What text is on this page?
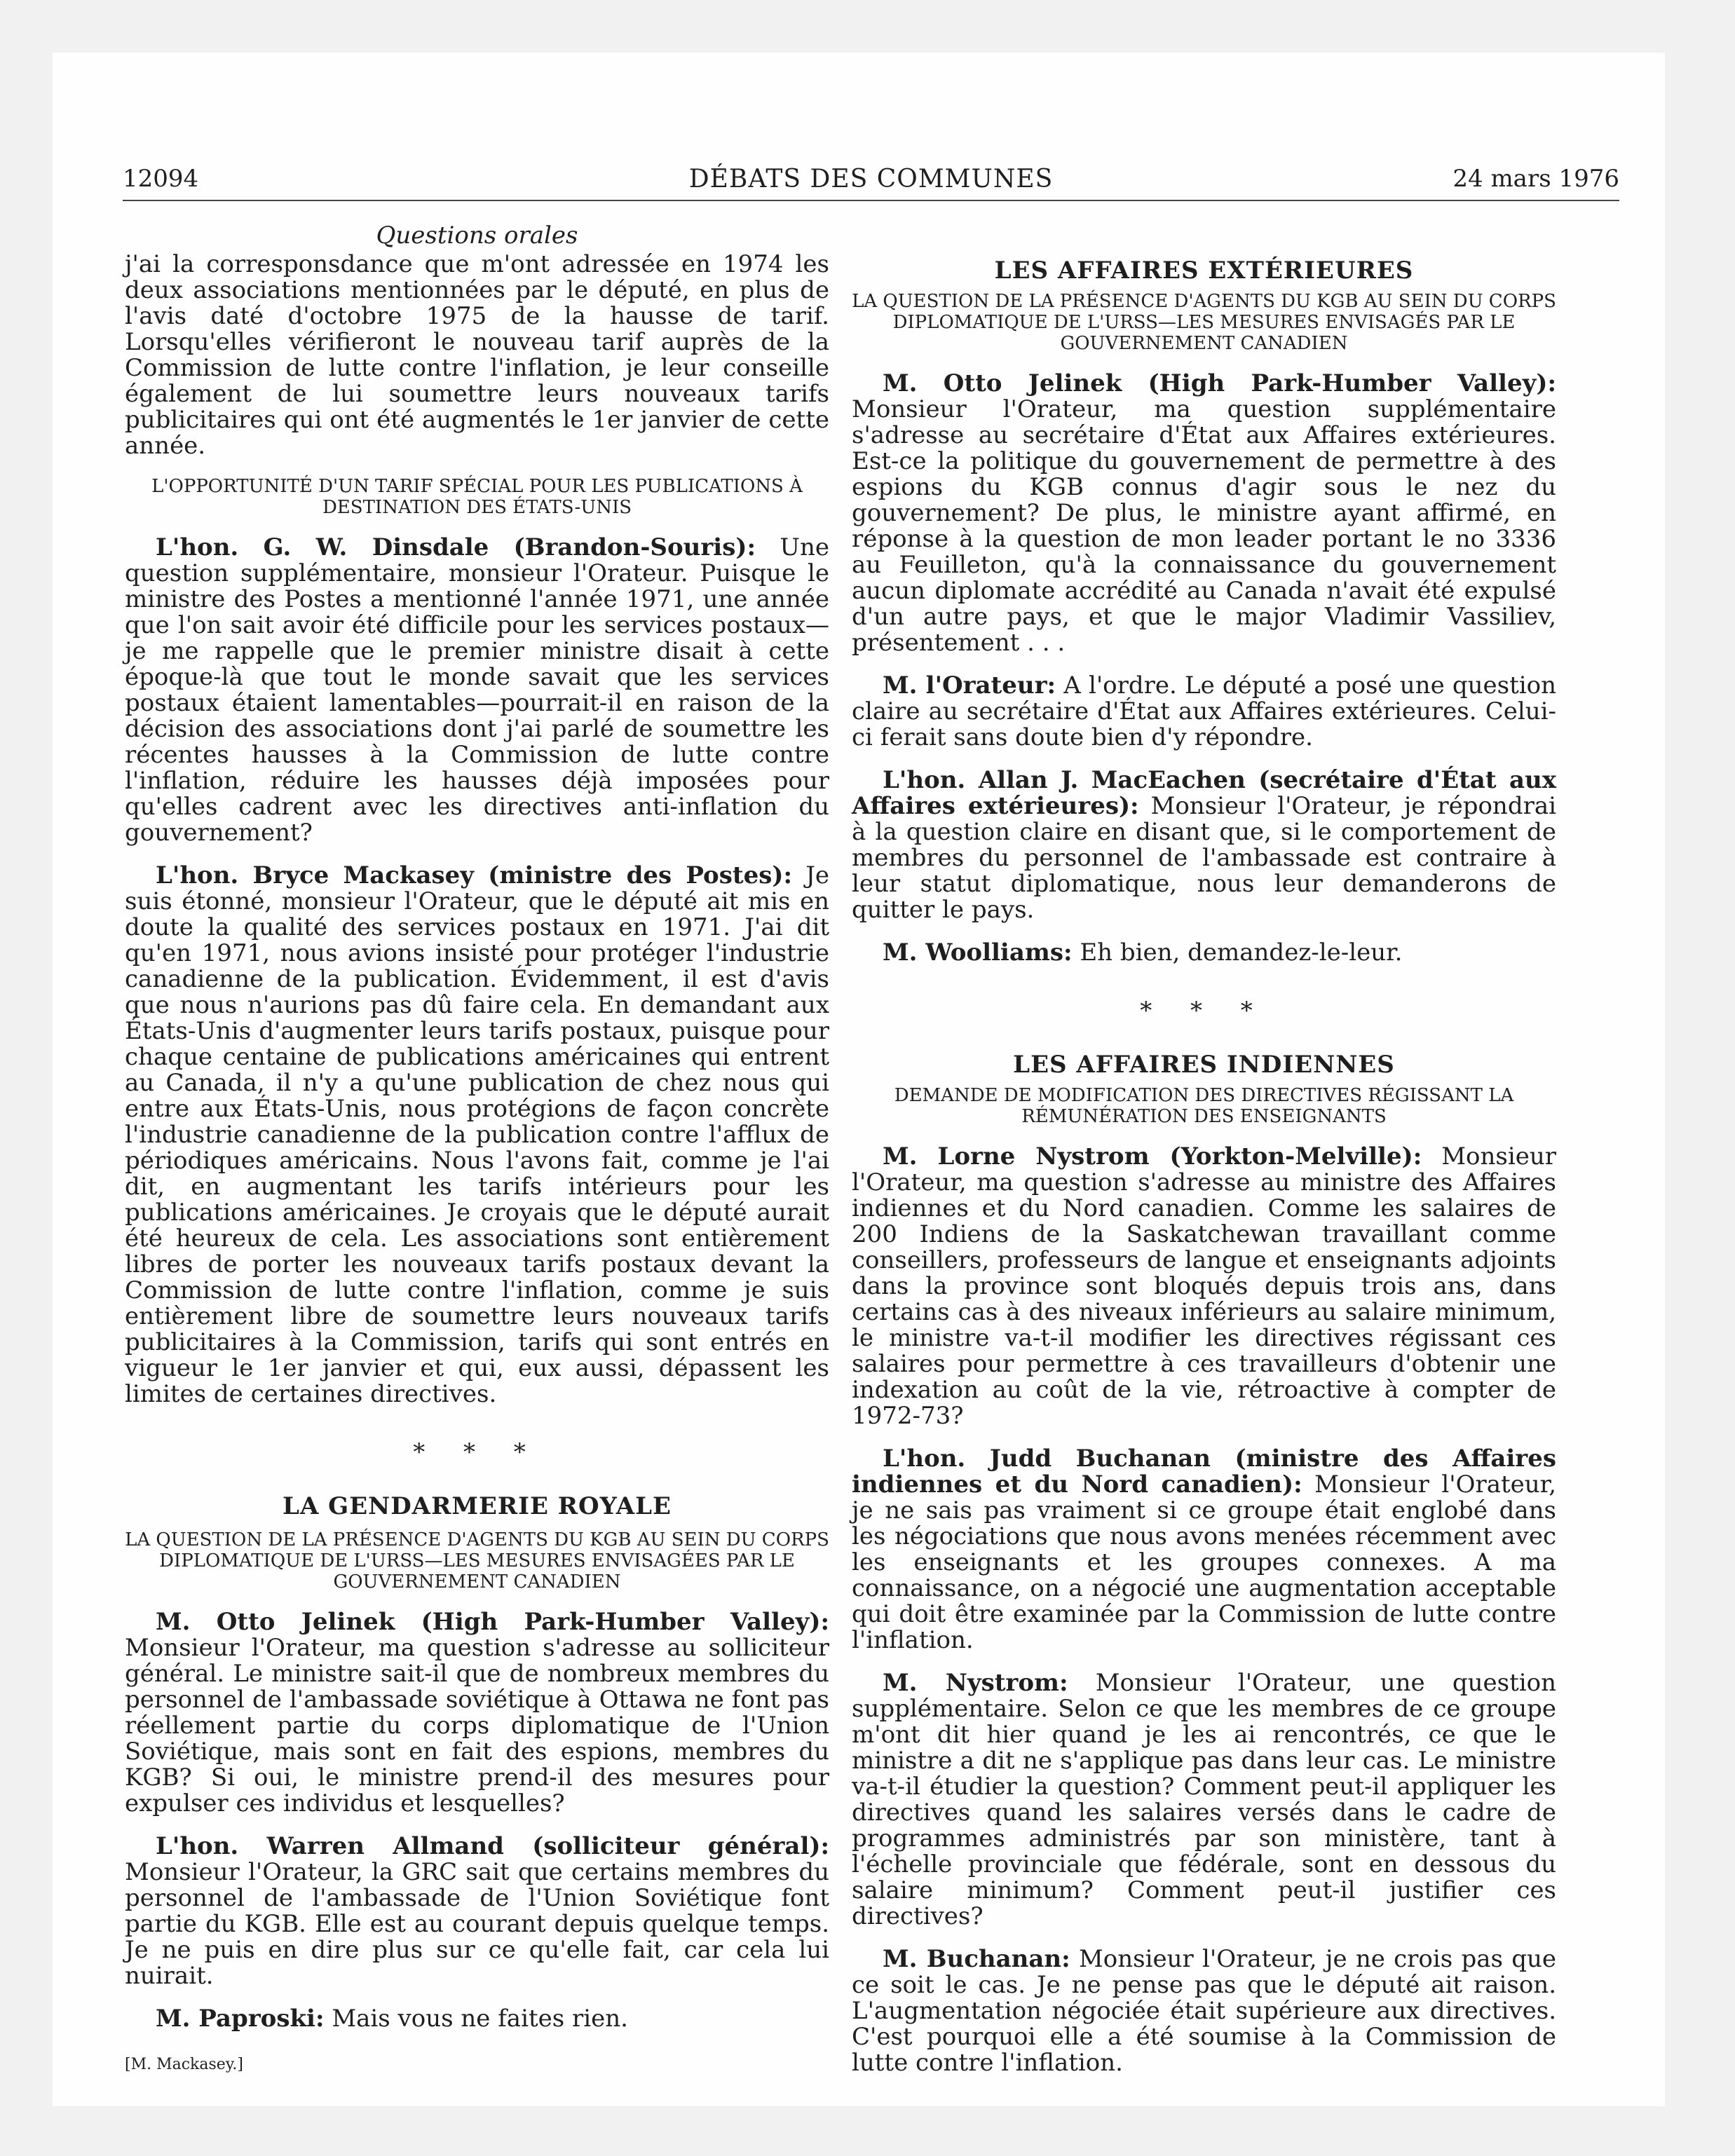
12094	DÉBATS DES COMMUNES	24 mars 1976

Questions orales

j'ai la corresponsdance que m'ont adressée en 1974 les deux associations mentionnées par le député, en plus de l'avis daté d'octobre 1975 de la hausse de tarif. Lorsqu'elles vérifieront le nouveau tarif auprès de la Commission de lutte contre l'inflation, je leur conseille également de lui soumettre leurs nouveaux tarifs publicitaires qui ont été augmentés le 1er janvier de cette année.

L'OPPORTUNITÉ D'UN TARIF SPÉCIAL POUR LES PUBLICATIONS À DESTINATION DES ÉTATS-UNIS

L'hon. G. W. Dinsdale (Brandon-Souris): Une question supplémentaire, monsieur l'Orateur. Puisque le ministre des Postes a mentionné l'année 1971, une année que l'on sait avoir été difficile pour les services postaux—je me rappelle que le premier ministre disait à cette époque-là que tout le monde savait que les services postaux étaient lamentables—pourrait-il en raison de la décision des associations dont j'ai parlé de soumettre les récentes hausses à la Commission de lutte contre l'inflation, réduire les hausses déjà imposées pour qu'elles cadrent avec les directives anti-inflation du gouvernement?

L'hon. Bryce Mackasey (ministre des Postes): Je suis étonné, monsieur l'Orateur, que le député ait mis en doute la qualité des services postaux en 1971. J'ai dit qu'en 1971, nous avions insisté pour protéger l'industrie canadienne de la publication. Évidemment, il est d'avis que nous n'aurions pas dû faire cela. En demandant aux États-Unis d'augmenter leurs tarifs postaux, puisque pour chaque centaine de publications américaines qui entrent au Canada, il n'y a qu'une publication de chez nous qui entre aux États-Unis, nous protégions de façon concrète l'industrie canadienne de la publication contre l'afflux de périodiques américains. Nous l'avons fait, comme je l'ai dit, en augmentant les tarifs intérieurs pour les publications américaines. Je croyais que le député aurait été heureux de cela. Les associations sont entièrement libres de porter les nouveaux tarifs postaux devant la Commission de lutte contre l'inflation, comme je suis entièrement libre de soumettre leurs nouveaux tarifs publicitaires à la Commission, tarifs qui sont entrés en vigueur le 1er janvier et qui, eux aussi, dépassent les limites de certaines directives.

* * *

LA GENDARMERIE ROYALE

LA QUESTION DE LA PRÉSENCE D'AGENTS DU KGB AU SEIN DU CORPS DIPLOMATIQUE DE L'URSS—LES MESURES ENVISAGÉES PAR LE GOUVERNEMENT CANADIEN

M. Otto Jelinek (High Park-Humber Valley): Monsieur l'Orateur, ma question s'adresse au solliciteur général. Le ministre sait-il que de nombreux membres du personnel de l'ambassade soviétique à Ottawa ne font pas réellement partie du corps diplomatique de l'Union Soviétique, mais sont en fait des espions, membres du KGB? Si oui, le ministre prend-il des mesures pour expulser ces individus et lesquelles?

L'hon. Warren Allmand (solliciteur général): Monsieur l'Orateur, la GRC sait que certains membres du personnel de l'ambassade de l'Union Soviétique font partie du KGB. Elle est au courant depuis quelque temps. Je ne puis en dire plus sur ce qu'elle fait, car cela lui nuirait.

M. Paproski: Mais vous ne faites rien.

[M. Mackasey.]

LES AFFAIRES EXTÉRIEURES

LA QUESTION DE LA PRÉSENCE D'AGENTS DU KGB AU SEIN DU CORPS DIPLOMATIQUE DE L'URSS—LES MESURES ENVISAGÉS PAR LE GOUVERNEMENT CANADIEN

M. Otto Jelinek (High Park-Humber Valley): Monsieur l'Orateur, ma question supplémentaire s'adresse au secrétaire d'État aux Affaires extérieures. Est-ce la politique du gouvernement de permettre à des espions du KGB connus d'agir sous le nez du gouvernement? De plus, le ministre ayant affirmé, en réponse à la question de mon leader portant le no 3336 au Feuilleton, qu'à la connaissance du gouvernement aucun diplomate accrédité au Canada n'avait été expulsé d'un autre pays, et que le major Vladimir Vassiliev, présentement . . .

M. l'Orateur: A l'ordre. Le député a posé une question claire au secrétaire d'État aux Affaires extérieures. Celui-ci ferait sans doute bien d'y répondre.

L'hon. Allan J. MacEachen (secrétaire d'État aux Affaires extérieures): Monsieur l'Orateur, je répondrai à la question claire en disant que, si le comportement de membres du personnel de l'ambassade est contraire à leur statut diplomatique, nous leur demanderons de quitter le pays.

M. Woolliams: Eh bien, demandez-le-leur.

* * *

LES AFFAIRES INDIENNES

DEMANDE DE MODIFICATION DES DIRECTIVES RÉGISSANT LA RÉMUNÉRATION DES ENSEIGNANTS

M. Lorne Nystrom (Yorkton-Melville): Monsieur l'Orateur, ma question s'adresse au ministre des Affaires indiennes et du Nord canadien. Comme les salaires de 200 Indiens de la Saskatchewan travaillant comme conseillers, professeurs de langue et enseignants adjoints dans la province sont bloqués depuis trois ans, dans certains cas à des niveaux inférieurs au salaire minimum, le ministre va-t-il modifier les directives régissant ces salaires pour permettre à ces travailleurs d'obtenir une indexation au coût de la vie, rétroactive à compter de 1972-73?

L'hon. Judd Buchanan (ministre des Affaires indiennes et du Nord canadien): Monsieur l'Orateur, je ne sais pas vraiment si ce groupe était englobé dans les négociations que nous avons menées récemment avec les enseignants et les groupes connexes. A ma connaissance, on a négocié une augmentation acceptable qui doit être examinée par la Commission de lutte contre l'inflation.

M. Nystrom: Monsieur l'Orateur, une question supplémentaire. Selon ce que les membres de ce groupe m'ont dit hier quand je les ai rencontrés, ce que le ministre a dit ne s'applique pas dans leur cas. Le ministre va-t-il étudier la question? Comment peut-il appliquer les directives quand les salaires versés dans le cadre de programmes administrés par son ministère, tant à l'échelle provinciale que fédérale, sont en dessous du salaire minimum? Comment peut-il justifier ces directives?

M. Buchanan: Monsieur l'Orateur, je ne crois pas que ce soit le cas. Je ne pense pas que le député ait raison. L'augmentation négociée était supérieure aux directives. C'est pourquoi elle a été soumise à la Commission de lutte contre l'inflation.
